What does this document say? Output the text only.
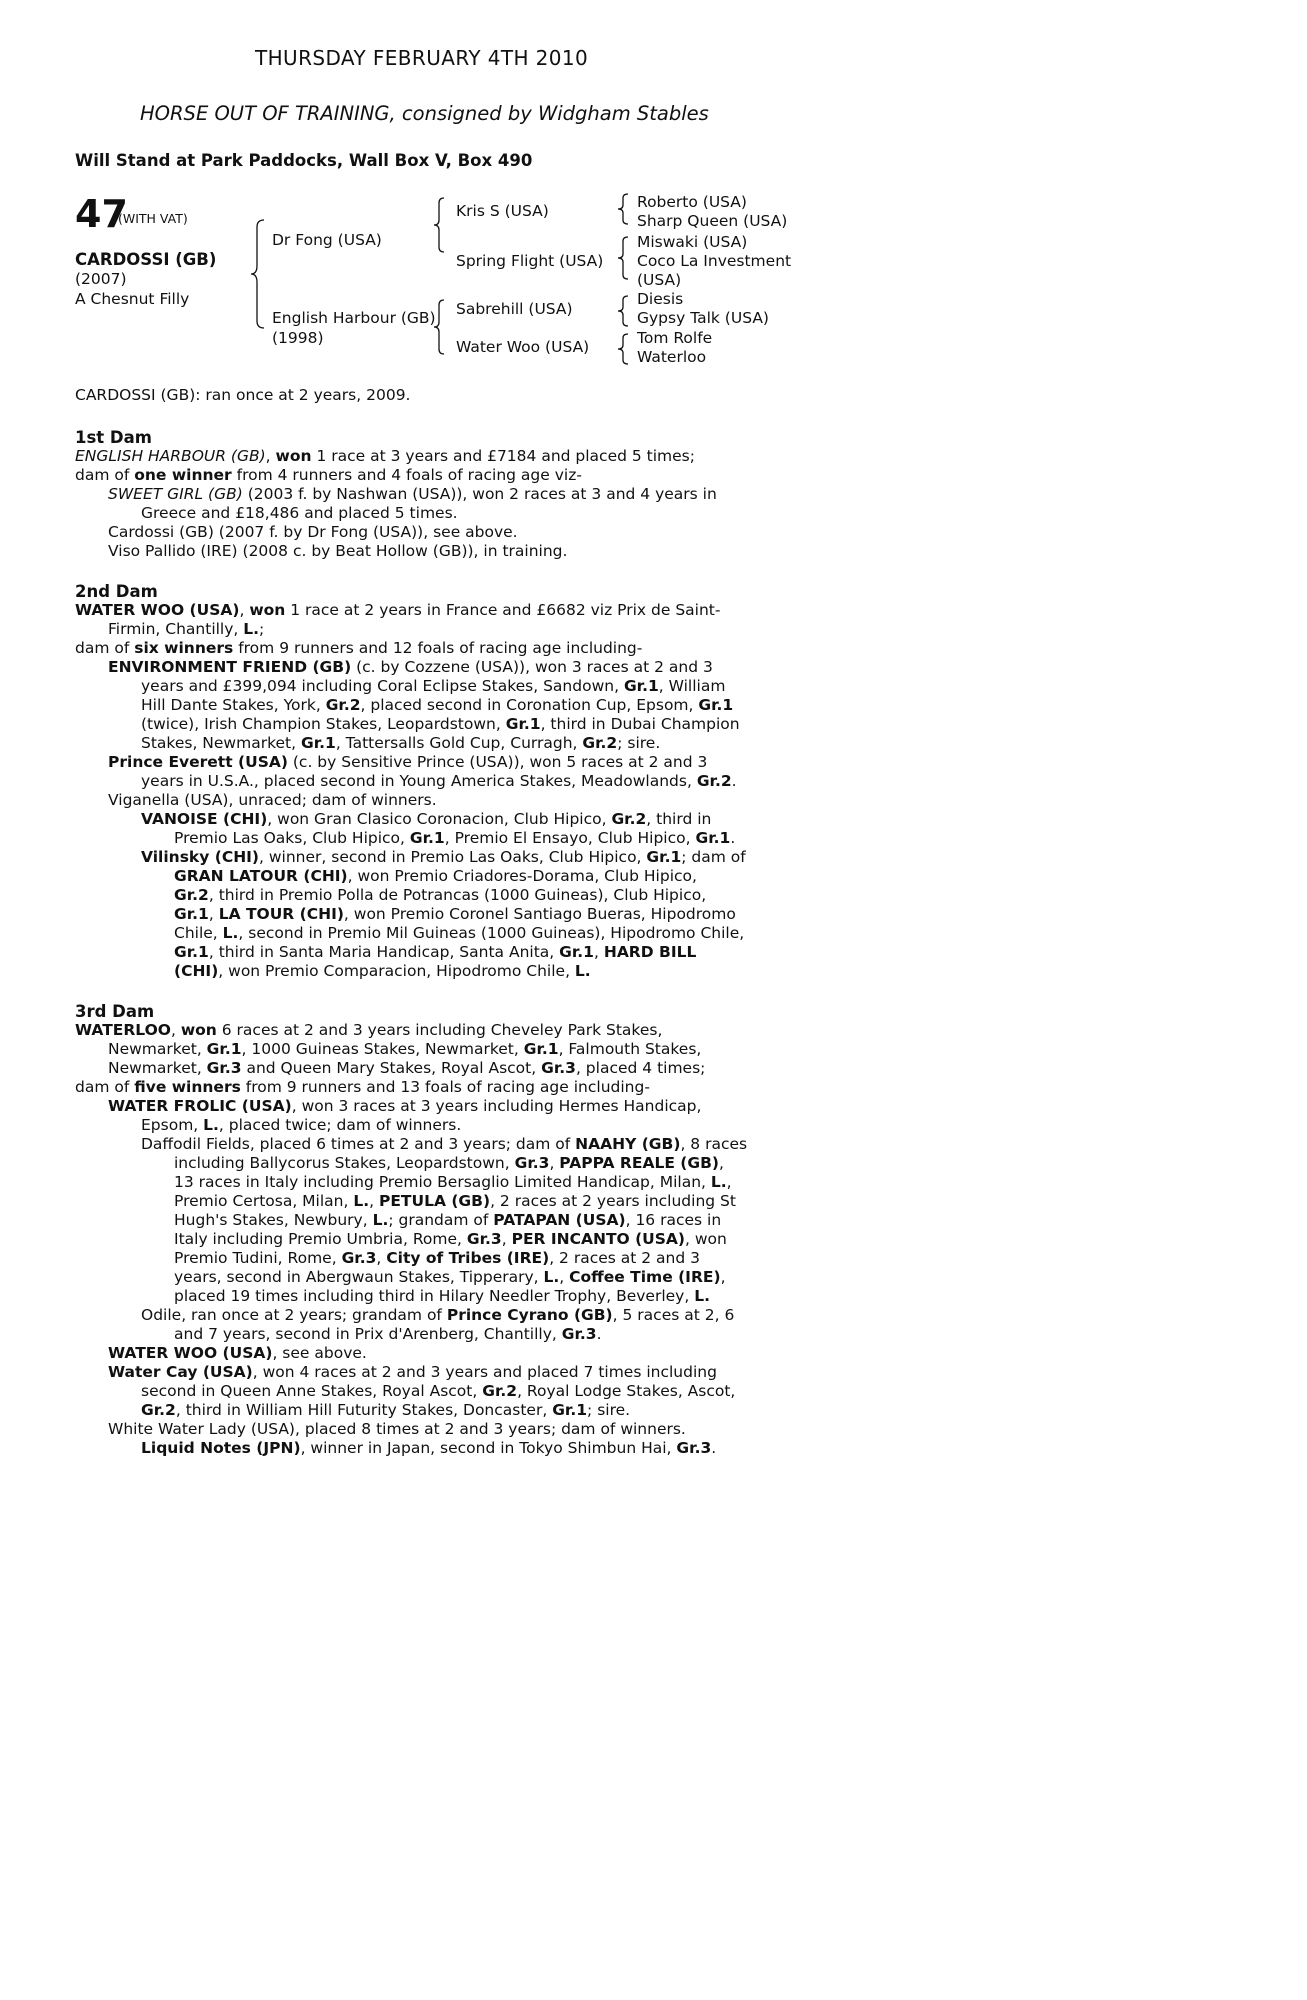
THURSDAY FEBRUARY 4TH 2010
HORSE OUT OF TRAINING, consigned by Widgham Stables
Will Stand at Park Paddocks, Wall Box V, Box 490
47
(WITH VAT)
CARDOSSI (GB)
(2007)
A Chesnut Filly
Dr Fong (USA)
English Harbour (GB)
(1998)
Kris S (USA)
Spring Flight (USA)
Sabrehill (USA)
Water Woo (USA)
Roberto (USA)
Sharp Queen (USA)
Miswaki (USA)
Coco La Investment
(USA)
Diesis
Gypsy Talk (USA)
Tom Rolfe
Waterloo
CARDOSSI (GB): ran once at 2 years, 2009.
1st Dam
ENGLISH HARBOUR (GB), won 1 race at 3 years and £7184 and placed 5 times;
dam of one winner from 4 runners and 4 foals of racing age viz-
SWEET GIRL (GB) (2003 f. by Nashwan (USA)), won 2 races at 3 and 4 years in
Greece and £18,486 and placed 5 times.
Cardossi (GB) (2007 f. by Dr Fong (USA)), see above.
Viso Pallido (IRE) (2008 c. by Beat Hollow (GB)), in training.
2nd Dam
WATER WOO (USA), won 1 race at 2 years in France and £6682 viz Prix de Saint-
Firmin, Chantilly, L.;
dam of six winners from 9 runners and 12 foals of racing age including-
ENVIRONMENT FRIEND (GB) (c. by Cozzene (USA)), won 3 races at 2 and 3
years and £399,094 including Coral Eclipse Stakes, Sandown, Gr.1, William
Hill Dante Stakes, York, Gr.2, placed second in Coronation Cup, Epsom, Gr.1
(twice), Irish Champion Stakes, Leopardstown, Gr.1, third in Dubai Champion
Stakes, Newmarket, Gr.1, Tattersalls Gold Cup, Curragh, Gr.2; sire.
Prince Everett (USA) (c. by Sensitive Prince (USA)), won 5 races at 2 and 3
years in U.S.A., placed second in Young America Stakes, Meadowlands, Gr.2.
Viganella (USA), unraced; dam of winners.
VANOISE (CHI), won Gran Clasico Coronacion, Club Hipico, Gr.2, third in
Premio Las Oaks, Club Hipico, Gr.1, Premio El Ensayo, Club Hipico, Gr.1.
Vilinsky (CHI), winner, second in Premio Las Oaks, Club Hipico, Gr.1; dam of
GRAN LATOUR (CHI), won Premio Criadores-Dorama, Club Hipico,
Gr.2, third in Premio Polla de Potrancas (1000 Guineas), Club Hipico,
Gr.1, LA TOUR (CHI), won Premio Coronel Santiago Bueras, Hipodromo
Chile, L., second in Premio Mil Guineas (1000 Guineas), Hipodromo Chile,
Gr.1, third in Santa Maria Handicap, Santa Anita, Gr.1, HARD BILL
(CHI), won Premio Comparacion, Hipodromo Chile, L.
3rd Dam
WATERLOO, won 6 races at 2 and 3 years including Cheveley Park Stakes,
Newmarket, Gr.1, 1000 Guineas Stakes, Newmarket, Gr.1, Falmouth Stakes,
Newmarket, Gr.3 and Queen Mary Stakes, Royal Ascot, Gr.3, placed 4 times;
dam of five winners from 9 runners and 13 foals of racing age including-
WATER FROLIC (USA), won 3 races at 3 years including Hermes Handicap,
Epsom, L., placed twice; dam of winners.
Daffodil Fields, placed 6 times at 2 and 3 years; dam of NAAHY (GB), 8 races
including Ballycorus Stakes, Leopardstown, Gr.3, PAPPA REALE (GB),
13 races in Italy including Premio Bersaglio Limited Handicap, Milan, L.,
Premio Certosa, Milan, L., PETULA (GB), 2 races at 2 years including St
Hugh's Stakes, Newbury, L.; grandam of PATAPAN (USA), 16 races in
Italy including Premio Umbria, Rome, Gr.3, PER INCANTO (USA), won
Premio Tudini, Rome, Gr.3, City of Tribes (IRE), 2 races at 2 and 3
years, second in Abergwaun Stakes, Tipperary, L., Coffee Time (IRE),
placed 19 times including third in Hilary Needler Trophy, Beverley, L.
Odile, ran once at 2 years; grandam of Prince Cyrano (GB), 5 races at 2, 6
and 7 years, second in Prix d'Arenberg, Chantilly, Gr.3.
WATER WOO (USA), see above.
Water Cay (USA), won 4 races at 2 and 3 years and placed 7 times including
second in Queen Anne Stakes, Royal Ascot, Gr.2, Royal Lodge Stakes, Ascot,
Gr.2, third in William Hill Futurity Stakes, Doncaster, Gr.1; sire.
White Water Lady (USA), placed 8 times at 2 and 3 years; dam of winners.
Liquid Notes (JPN), winner in Japan, second in Tokyo Shimbun Hai, Gr.3.
